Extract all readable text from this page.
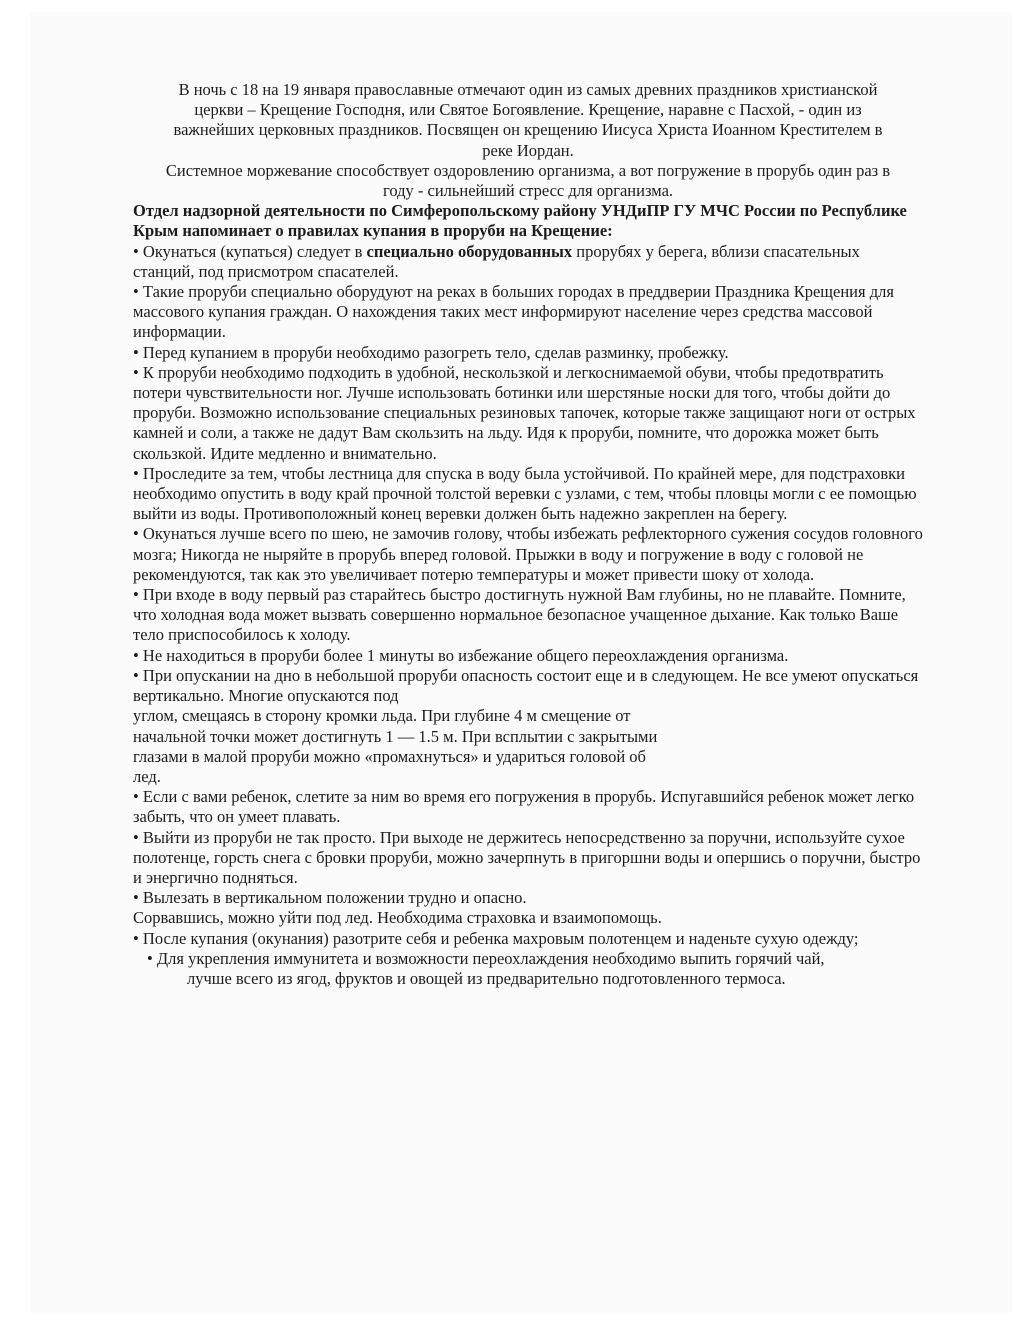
В ночь с 18 на 19 января православные отмечают один из самых древних праздников христианской церкви – Крещение Господня, или Святое Богоявление. Крещение, наравне с Пасхой, - один из важнейших церковных праздников. Посвящен он крещению Иисуса Христа Иоанном Крестителем в реке Иордан.

Системное моржевание способствует оздоровлению организма, а вот погружение в прорубь один раз в году - сильнейший стресс для организма.

Отдел надзорной деятельности по Симферопольскому району УНДиПР ГУ МЧС России по Республике Крым напоминает о правилах купания в проруби на Крещение:

• Окунаться (купаться) следует в специально оборудованных прорубях у берега, вблизи спасательных станций, под присмотром спасателей.

• Такие проруби специально оборудуют на реках в больших городах в преддверии Праздника Крещения для массового купания граждан. О нахождения таких мест информируют население через средства массовой информации.

• Перед купанием в проруби необходимо разогреть тело, сделав разминку, пробежку.

• К проруби необходимо подходить в удобной, нескользкой и легкоснимаемой обуви, чтобы предотвратить потери чувствительности ног. Лучше использовать ботинки или шерстяные носки для того, чтобы дойти до проруби. Возможно использование специальных резиновых тапочек, которые также защищают ноги от острых камней и соли, а также не дадут Вам скользить на льду. Идя к проруби, помните, что дорожка может быть скользкой. Идите медленно и внимательно.

• Проследите за тем, чтобы лестница для спуска в воду была устойчивой. По крайней мере, для подстраховки необходимо опустить в воду край прочной толстой веревки с узлами, с тем, чтобы пловцы могли с ее помощью выйти из воды. Противоположный конец веревки должен быть надежно закреплен на берегу.

• Окунаться лучше всего по шею, не замочив голову, чтобы избежать рефлекторного сужения сосудов головного мозга; Никогда не ныряйте в прорубь вперед головой. Прыжки в воду и погружение в воду с головой не рекомендуются, так как это увеличивает потерю температуры и может привести шоку от холода.

• При входе в воду первый раз старайтесь быстро достигнуть нужной Вам глубины, но не плавайте. Помните, что холодная вода может вызвать совершенно нормальное безопасное учащенное дыхание. Как только Ваше тело приспособилось к холоду.

• Не находиться в проруби более 1 минуты во избежание общего переохлаждения организма.

• При опускании на дно в небольшой проруби опасность состоит еще и в следующем. Не все умеют опускаться вертикально. Многие опускаются под

углом, смещаясь в сторону кромки льда. При глубине 4 м смещение от

начальной точки может достигнуть 1 — 1.5 м. При всплытии с закрытыми

глазами в малой проруби можно «промахнуться» и удариться головой об

лед.

• Если с вами ребенок, слетите за ним во время его погружения в прорубь. Испугавшийся ребенок может легко забыть, что он умеет плавать.

• Выйти из проруби не так просто. При выходе не держитесь непосредственно за поручни, используйте сухое полотенце, горсть снега с бровки проруби, можно зачерпнуть в пригоршни воды и опершись о поручни, быстро и энергично подняться.

• Вылезать в вертикальном положении трудно и опасно.

Сорвавшись, можно уйти под лед. Необходима страховка и взаимопомощь.

• После купания (окунания) разотрите себя и ребенка махровым полотенцем и наденьте сухую одежду;

• Для укрепления иммунитета и возможности переохлаждения необходимо выпить горячий чай,

лучше всего из ягод, фруктов и овощей из предварительно подготовленного термоса.
